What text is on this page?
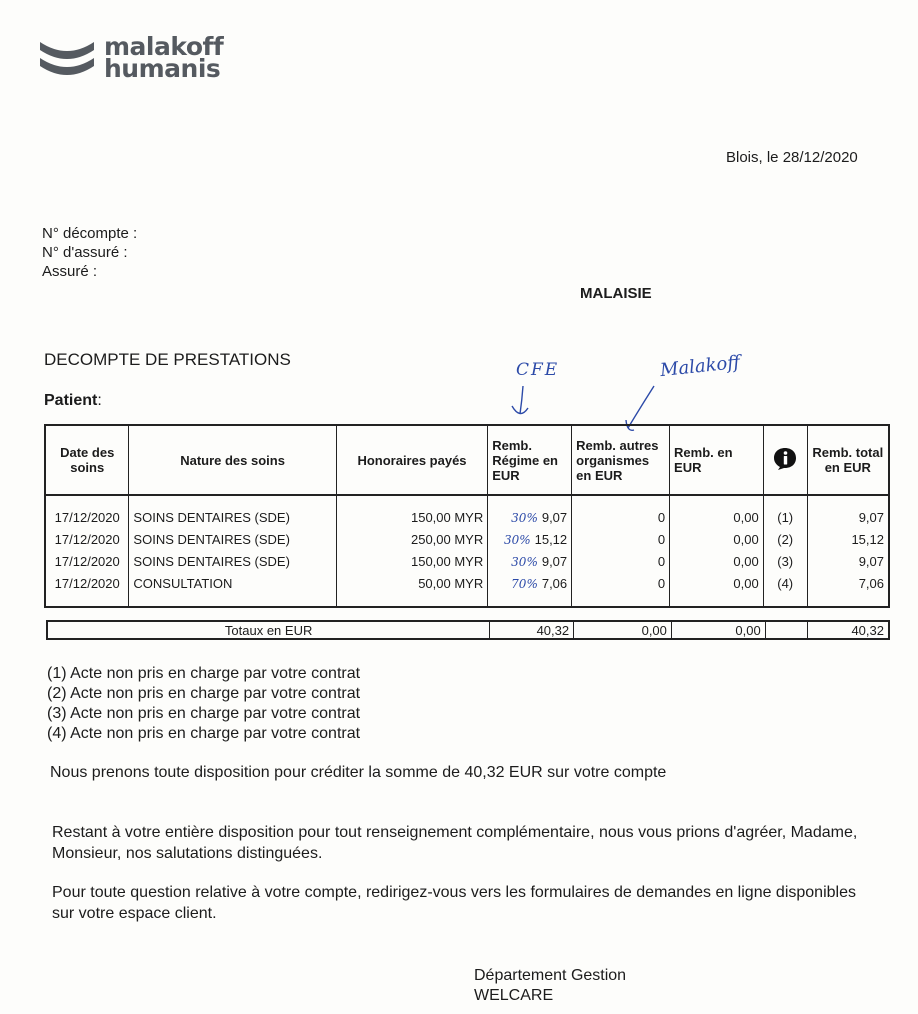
malakoff
humanis
Blois, le 28/12/2020
N° décompte :
N° d'assuré :
Assuré :
MALAISIE
DECOMPTE DE PRESTATIONS
Patient:
CFE	Malakoff
Date des soins	Nature des soins	Honoraires payés	Remb. Régime en EUR	Remb. autres organismes en EUR	Remb. en EUR		Remb. total en EUR

17/12/2020	SOINS DENTAIRES (SDE)	150,00 MYR	30% 9,07	0	0,00	(1)	9,07
17/12/2020	SOINS DENTAIRES (SDE)	250,00 MYR	30% 15,12	0	0,00	(2)	15,12
17/12/2020	SOINS DENTAIRES (SDE)	150,00 MYR	30% 9,07	0	0,00	(3)	9,07
17/12/2020	CONSULTATION	50,00 MYR	70% 7,06	0	0,00	(4)	7,06

Totaux en EUR	40,32	0,00	0,00		40,32
(1) Acte non pris en charge par votre contrat
(2) Acte non pris en charge par votre contrat
(3) Acte non pris en charge par votre contrat
(4) Acte non pris en charge par votre contrat
Nous prenons toute disposition pour créditer la somme de 40,32 EUR sur votre compte
Restant à votre entière disposition pour tout renseignement complémentaire, nous vous prions d'agréer, Madame, Monsieur, nos salutations distinguées.
Pour toute question relative à votre compte, redirigez-vous vers les formulaires de demandes en ligne disponibles sur votre espace client.
Département Gestion
WELCARE
